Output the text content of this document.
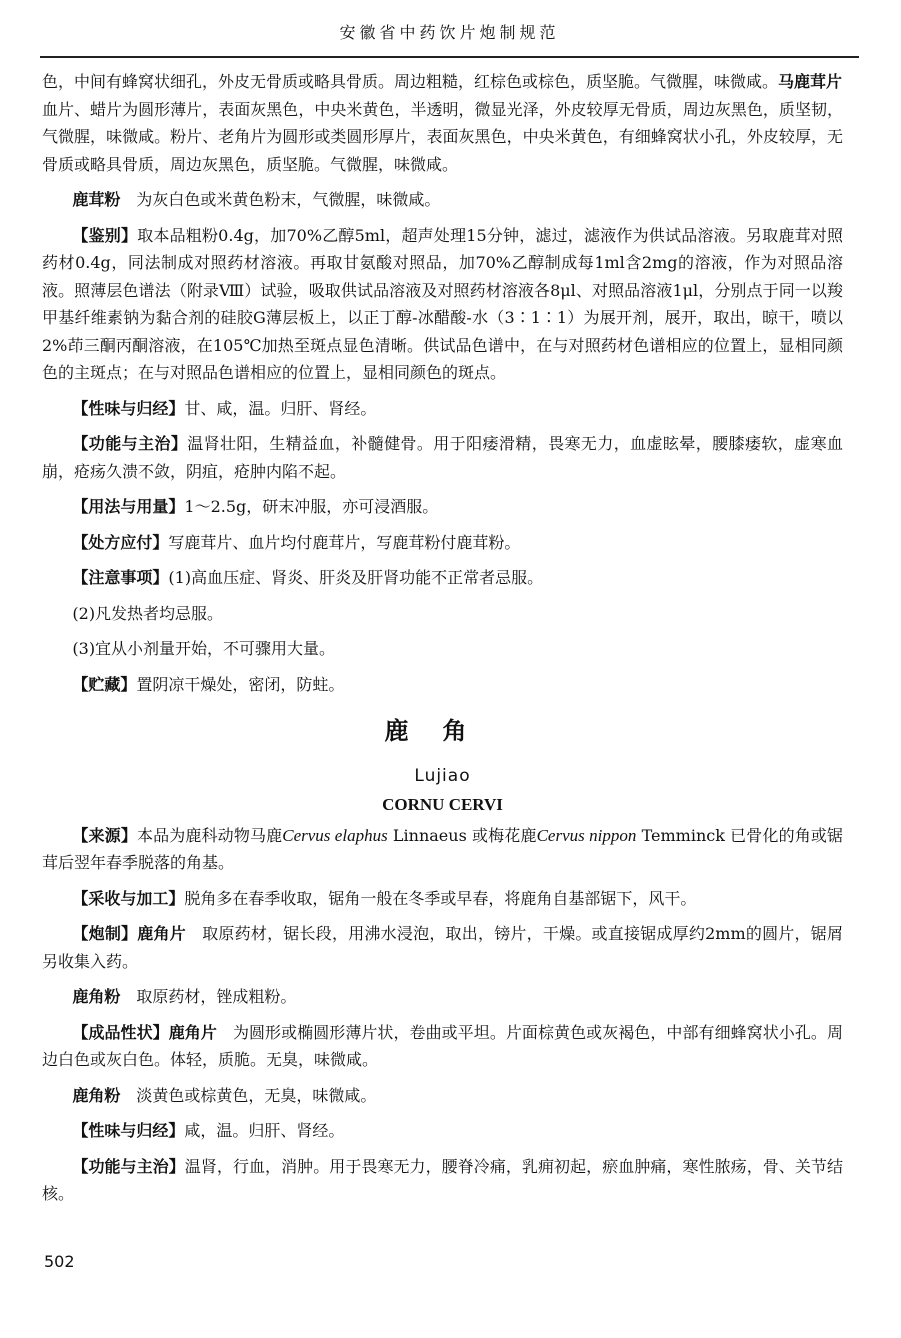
安徽省中药饮片炮制规范

色，中间有蜂窝状细孔，外皮无骨质或略具骨质。周边粗糙，红棕色或棕色，质坚脆。气微腥，味微咸。马鹿茸片　血片、蜡片为圆形薄片，表面灰黑色，中央米黄色，半透明，微显光泽，外皮较厚无骨质，周边灰黑色，质坚韧，气微腥，味微咸。粉片、老角片为圆形或类圆形厚片，表面灰黑色，中央米黄色，有细蜂窝状小孔，外皮较厚，无骨质或略具骨质，周边灰黑色，质坚脆。气微腥，味微咸。

鹿茸粉　为灰白色或米黄色粉末，气微腥，味微咸。

【鉴别】取本品粗粉0.4g，加70%乙醇5ml，超声处理15分钟，滤过，滤液作为供试品溶液。另取鹿茸对照药材0.4g，同法制成对照药材溶液。再取甘氨酸对照品，加70%乙醇制成每1ml含2mg的溶液，作为对照品溶液。照薄层色谱法（附录Ⅷ）试验，吸取供试品溶液及对照药材溶液各8μl、对照品溶液1μl，分别点于同一以羧甲基纤维素钠为黏合剂的硅胶G薄层板上，以正丁醇-冰醋酸-水（3∶1∶1）为展开剂，展开，取出，晾干，喷以2%茚三酮丙酮溶液，在105℃加热至斑点显色清晰。供试品色谱中，在与对照药材色谱相应的位置上，显相同颜色的主斑点；在与对照品色谱相应的位置上，显相同颜色的斑点。

【性味与归经】甘、咸，温。归肝、肾经。

【功能与主治】温肾壮阳，生精益血，补髓健骨。用于阳痿滑精，畏寒无力，血虚眩晕，腰膝痿软，虚寒血崩，疮疡久溃不敛，阴疽，疮肿内陷不起。

【用法与用量】1～2.5g，研末冲服，亦可浸酒服。

【处方应付】写鹿茸片、血片均付鹿茸片，写鹿茸粉付鹿茸粉。

【注意事项】(1)高血压症、肾炎、肝炎及肝肾功能不正常者忌服。

(2)凡发热者均忌服。

(3)宜从小剂量开始，不可骤用大量。

【贮藏】置阴凉干燥处，密闭，防蛀。

鹿角

Lujiao

CORNU CERVI

【来源】本品为鹿科动物马鹿Cervus elaphus Linnaeus 或梅花鹿Cervus nippon Temminck 已骨化的角或锯茸后翌年春季脱落的角基。

【采收与加工】脱角多在春季收取，锯角一般在冬季或早春，将鹿角自基部锯下，风干。

【炮制】鹿角片　取原药材，锯长段，用沸水浸泡，取出，镑片，干燥。或直接锯成厚约2mm的圆片，锯屑另收集入药。

鹿角粉　取原药材，锉成粗粉。

【成品性状】鹿角片　为圆形或椭圆形薄片状，卷曲或平坦。片面棕黄色或灰褐色，中部有细蜂窝状小孔。周边白色或灰白色。体轻，质脆。无臭，味微咸。

鹿角粉　淡黄色或棕黄色，无臭，味微咸。

【性味与归经】咸，温。归肝、肾经。

【功能与主治】温肾，行血，消肿。用于畏寒无力，腰脊冷痛，乳痈初起，瘀血肿痛，寒性脓疡，骨、关节结核。

502
